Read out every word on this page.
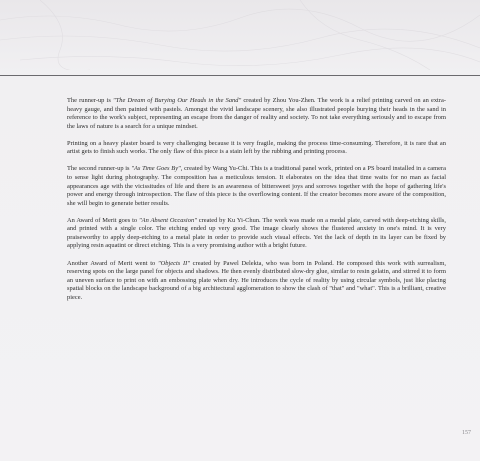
The runner-up is "The Dream of Burying Our Heads in the Sand" created by Zhou You-Zhen. The work is a relief printing carved on an extra-heavy gauge, and then painted with pastels. Amongst the vivid landscape scenery, she also illustrated people burying their heads in the sand in reference to the work's subject, representing an escape from the danger of reality and society. To not take everything seriously and to escape from the laws of nature is a search for a unique mindset.

Printing on a heavy plaster board is very challenging because it is very fragile, making the process time-consuming. Therefore, it is rare that an artist gets to finish such works. The only flaw of this piece is a stain left by the rubbing and printing process.

The second runner-up is "As Time Goes By", created by Wang Yu-Chi. This is a traditional panel work, printed on a PS board installed in a camera to sense light during photography. The composition has a meticulous tension. It elaborates on the idea that time waits for no man as facial appearances age with the vicissitudes of life and there is an awareness of bittersweet joys and sorrows together with the hope of gathering life's power and energy through introspection. The flaw of this piece is the overflowing content. If the creator becomes more aware of the composition, she will begin to generate better results.

An Award of Merit goes to "An Absent Occasion" created by Ku Yi-Chun. The work was made on a medal plate, carved with deep-etching skills, and printed with a single color. The etching ended up very good. The image clearly shows the flustered anxiety in one's mind. It is very praiseworthy to apply deep-etching to a metal plate in order to provide such visual effects. Yet the lack of depth in its layer can be fixed by applying resin aquatint or direct etching. This is a very promising author with a bright future.

Another Award of Merit went to "Objects II" created by Pawel Delekta, who was born in Poland. He composed this work with surrealism, reserving spots on the large panel for objects and shadows. He then evenly distributed slow-dry glue, similar to resin gelatin, and stirred it to form an uneven surface to print on with an embossing plate when dry. He introduces the cycle of reality by using circular symbols, just like placing spatial blocks on the landscape background of a big architectural agglomeration to show the clash of "that" and "what". This is a brilliant, creative piece.

157
